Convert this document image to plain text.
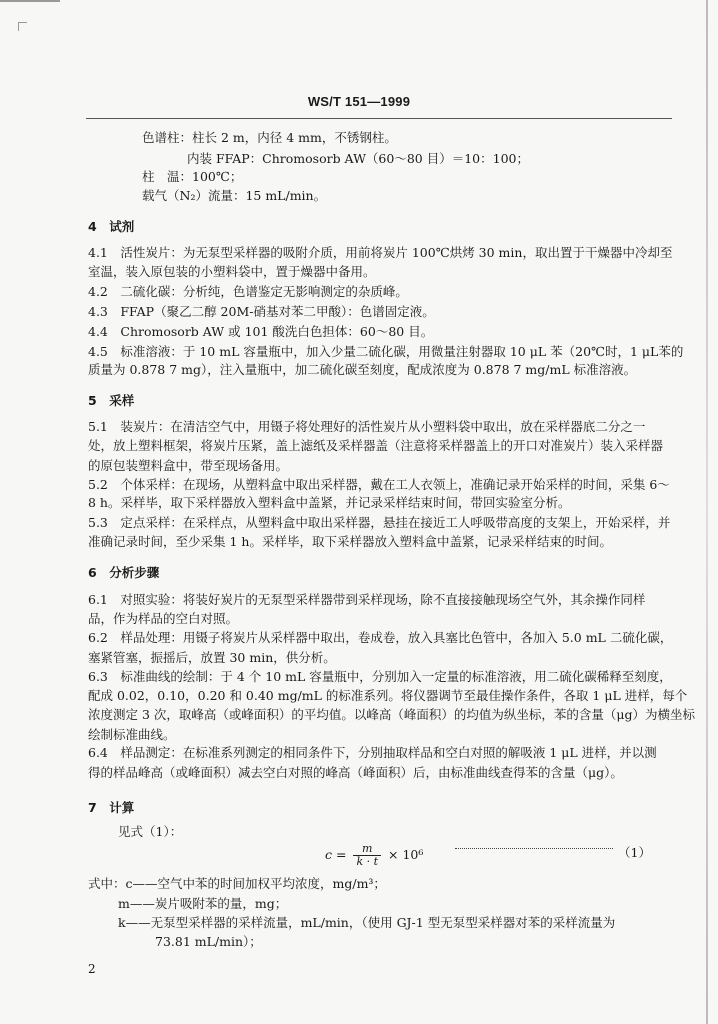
WS/T 151—1999
色谱柱：柱长 2 m，内径 4 mm，不锈钢柱。
内装 FFAP：Chromosorb AW（60～80 目）＝10：100；
柱　温：100℃；
载气（N₂）流量：15 mL/min。
4　试剂
4.1　活性炭片：为无泵型采样器的吸附介质，用前将炭片 100℃烘烤 30 min，取出置于干燥器中冷却至
室温，装入原包装的小塑料袋中，置于燥器中备用。
4.2　二硫化碳：分析纯，色谱鉴定无影响测定的杂质峰。
4.3　FFAP（聚乙二醇 20M-硝基对苯二甲酸）：色谱固定液。
4.4　Chromosorb AW 或 101 酸洗白色担体：60～80 目。
4.5　标准溶液：于 10 mL 容量瓶中，加入少量二硫化碳，用微量注射器取 10 μL 苯（20℃时，1 μL苯的
质量为 0.878 7 mg），注入量瓶中，加二硫化碳至刻度，配成浓度为 0.878 7 mg/mL 标准溶液。
5　采样
5.1　装炭片：在清洁空气中，用镊子将处理好的活性炭片从小塑料袋中取出，放在采样器底二分之一
处，放上塑料框架，将炭片压紧，盖上滤纸及采样器盖（注意将采样器盖上的开口对准炭片）装入采样器
的原包装塑料盒中，带至现场备用。
5.2　个体采样：在现场，从塑料盒中取出采样器，戴在工人衣领上，准确记录开始采样的时间，采集 6～
8 h。采样毕，取下采样器放入塑料盒中盖紧，并记录采样结束时间，带回实验室分析。
5.3　定点采样：在采样点，从塑料盒中取出采样器，悬挂在接近工人呼吸带高度的支架上，开始采样，并
准确记录时间，至少采集 1 h。采样毕，取下采样器放入塑料盒中盖紧，记录采样结束的时间。
6　分析步骤
6.1　对照实验：将装好炭片的无泵型采样器带到采样现场，除不直接接触现场空气外，其余操作同样
品，作为样品的空白对照。
6.2　样品处理：用镊子将炭片从采样器中取出，卷成卷，放入具塞比色管中，各加入 5.0 mL 二硫化碳，
塞紧管塞，振摇后，放置 30 min，供分析。
6.3　标准曲线的绘制：于 4 个 10 mL 容量瓶中，分别加入一定量的标准溶液，用二硫化碳稀释至刻度，
配成 0.02，0.10，0.20 和 0.40 mg/mL 的标准系列。将仪器调节至最佳操作条件，各取 1 μL 进样，每个
浓度测定 3 次，取峰高（或峰面积）的平均值。以峰高（峰面积）的均值为纵坐标，苯的含量（μg）为横坐标
绘制标准曲线。
6.4　样品测定：在标准系列测定的相同条件下，分别抽取样品和空白对照的解吸液 1 μL 进样，并以测
得的样品峰高（或峰面积）减去空白对照的峰高（峰面积）后，由标准曲线查得苯的含量（μg）。
7　计算
见式（1）：
$c = \frac{m}{k \cdot t} \times 10^6$	（1）
式中：c——空气中苯的时间加权平均浓度，mg/m³；
m——炭片吸附苯的量，mg；
k——无泵型采样器的采样流量，mL/min，（使用 GJ-1 型无泵型采样器对苯的采样流量为
73.81 mL/min）；
2
